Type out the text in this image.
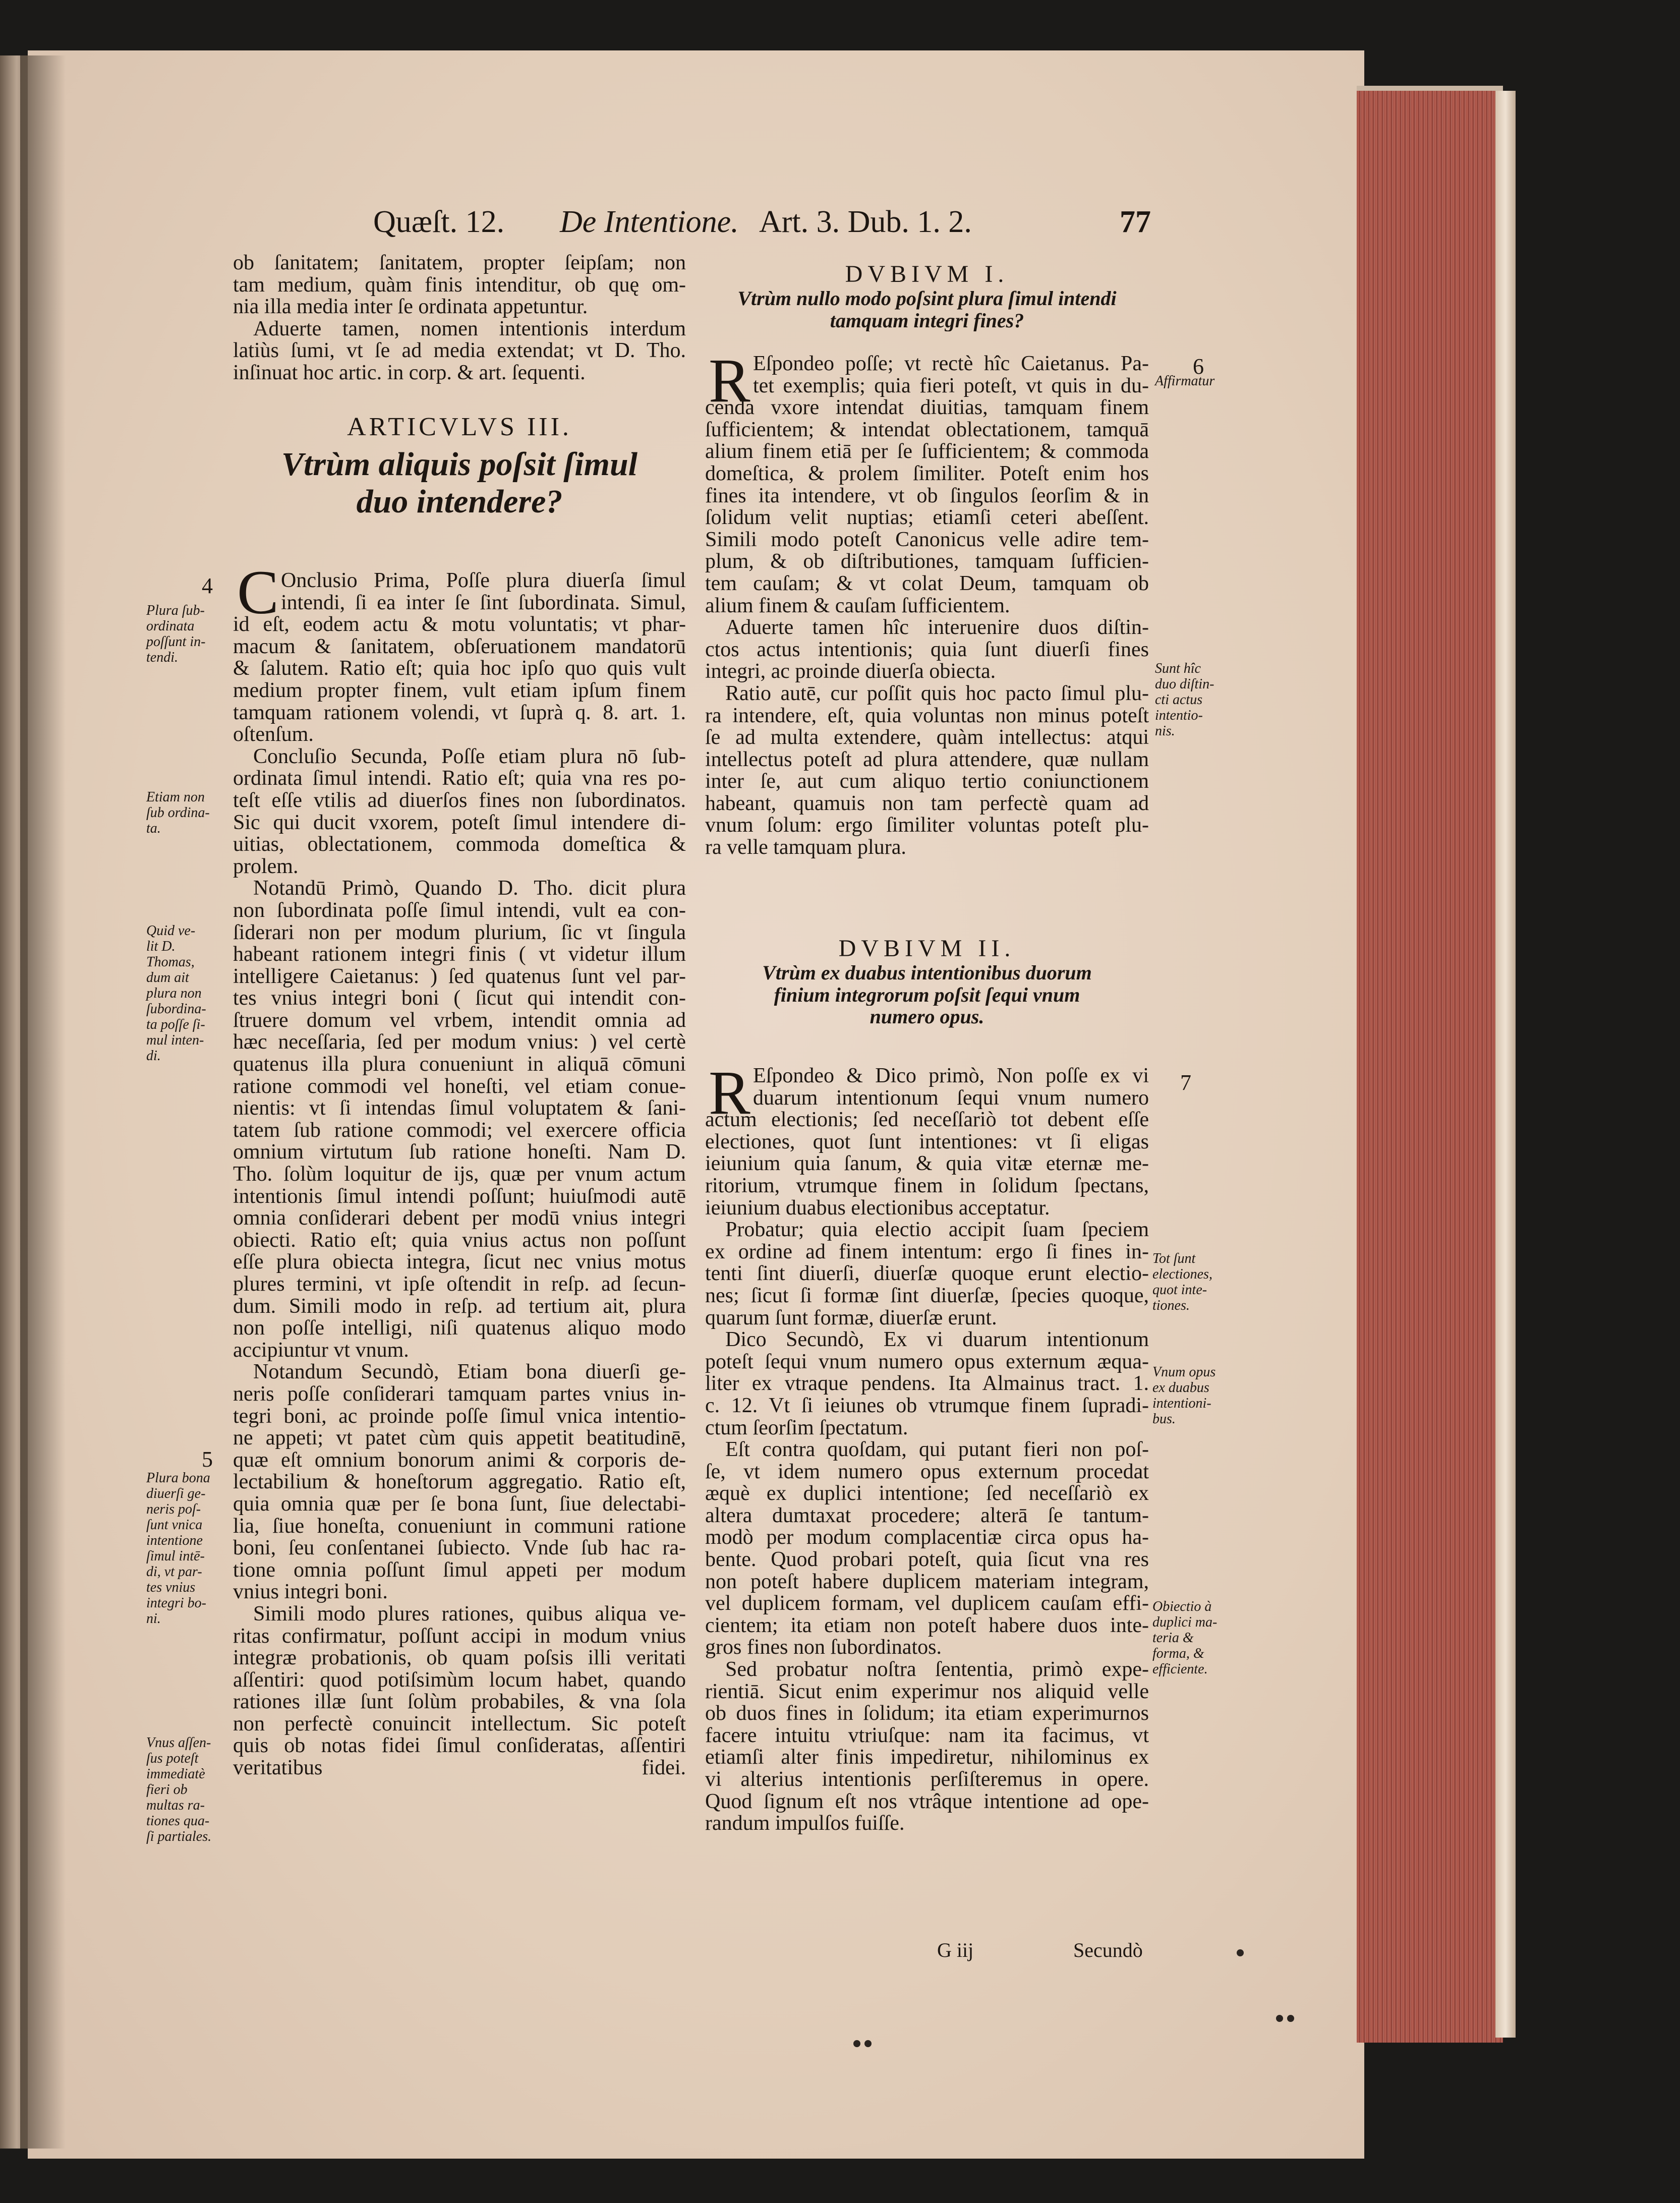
Quæſt. 12. De Intentione. Art. 3. Dub. 1. 2.	77
ob ſanitatem; ſanitatem, propter ſeipſam; non
tam medium, quàm finis intenditur, ob quę om-
nia illa media inter ſe ordinata appetuntur.
Aduerte tamen, nomen intentionis interdum
latiùs ſumi, vt ſe ad media extendat; vt D. Tho.
inſinuat hoc artic. in corp. & art. ſequenti.
ARTICVLVS III.
Vtrùm aliquis poſsit ſimul
duo intendere?
C Onclusio Prima, Poſſe plura diuerſa ſimul
intendi, ſi ea inter ſe ſint ſubordinata. Simul,
id eſt, eodem actu & motu voluntatis; vt phar-
macum & ſanitatem, obſeruationem mandatorū
& ſalutem. Ratio eſt; quia hoc ipſo quo quis vult
medium propter finem, vult etiam ipſum finem
tamquam rationem volendi, vt ſuprà q. 8. art. 1.
oſtenſum.
Concluſio Secunda, Poſſe etiam plura nō ſub-
ordinata ſimul intendi. Ratio eſt; quia vna res po-
teſt eſſe vtilis ad diuerſos fines non ſubordinatos.
Sic qui ducit vxorem, poteſt ſimul intendere di-
uitias, oblectationem, commoda domeſtica &
prolem.
Notandū Primò, Quando D. Tho. dicit plura
non ſubordinata poſſe ſimul intendi, vult ea con-
ſiderari non per modum plurium, ſic vt ſingula
habeant rationem integri finis ( vt videtur illum
intelligere Caietanus: ) ſed quatenus ſunt vel par-
tes vnius integri boni ( ſicut qui intendit con-
ſtruere domum vel vrbem, intendit omnia ad
hæc neceſſaria, ſed per modum vnius: ) vel certè
quatenus illa plura conueniunt in aliquā cōmuni
ratione commodi vel honeſti, vel etiam conue-
nientis: vt ſi intendas ſimul voluptatem & ſani-
tatem ſub ratione commodi; vel exercere officia
omnium virtutum ſub ratione honeſti. Nam D.
Tho. ſolùm loquitur de ijs, quæ per vnum actum
intentionis ſimul intendi poſſunt; huiuſmodi autē
omnia conſiderari debent per modū vnius integri
obiecti. Ratio eſt; quia vnius actus non poſſunt
eſſe plura obiecta integra, ſicut nec vnius motus
plures termini, vt ipſe oſtendit in reſp. ad ſecun-
dum. Simili modo in reſp. ad tertium ait, plura
non poſſe intelligi, niſi quatenus aliquo modo
accipiuntur vt vnum.
Notandum Secundò, Etiam bona diuerſi ge-
neris poſſe conſiderari tamquam partes vnius in-
tegri boni, ac proinde poſſe ſimul vnica intentio-
ne appeti; vt patet cùm quis appetit beatitudinē,
quæ eſt omnium bonorum animi & corporis de-
lectabilium & honeſtorum aggregatio. Ratio eſt,
quia omnia quæ per ſe bona ſunt, ſiue delectabi-
lia, ſiue honeſta, conueniunt in communi ratione
boni, ſeu conſentanei ſubiecto. Vnde ſub hac ra-
tione omnia poſſunt ſimul appeti per modum
vnius integri boni.
Simili modo plures rationes, quibus aliqua ve-
ritas confirmatur, poſſunt accipi in modum vnius
integræ probationis, ob quam poſsis illi veritati
aſſentiri: quod potiſsimùm locum habet, quando
rationes illæ ſunt ſolùm probabiles, & vna ſola
non perfectè conuincit intellectum. Sic poteſt
quis ob notas fidei ſimul conſideratas, aſſentiri
veritatibus fidei.
Plura ſub-
ordinata
poſſunt in-
tendi.
Etiam non
ſub ordina-
ta.
Quid ve-
lit D.
Thomas,
dum ait
plura non
ſubordina-
ta poſſe ſi-
mul inten-
di.
Plura bona
diuerſi ge-
neris poſ-
ſunt vnica
intentione
ſimul intē-
di, vt par-
tes vnius
integri bo-
ni.
Vnus aſſen-
ſus poteſt
immediatè
fieri ob
multas ra-
tiones qua-
ſi partiales.
4
5
DVBIVM I.
Vtrùm nullo modo poſsint plura ſimul intendi
tamquam integri fines?
R Eſpondeo poſſe; vt rectè hîc Caietanus. Pa-
tet exemplis; quia fieri poteſt, vt quis in du-
cenda vxore intendat diuitias, tamquam finem
ſufficientem; & intendat oblectationem, tamquā
alium finem etiā per ſe ſufficientem; & commoda
domeſtica, & prolem ſimiliter. Poteſt enim hos
fines ita intendere, vt ob ſingulos ſeorſim & in
ſolidum velit nuptias; etiamſi ceteri abeſſent.
Simili modo poteſt Canonicus velle adire tem-
plum, & ob diſtributiones, tamquam ſufficien-
tem cauſam; & vt colat Deum, tamquam ob
alium finem & cauſam ſufficientem.
Aduerte tamen hîc interuenire duos diſtin-
ctos actus intentionis; quia ſunt diuerſi fines
integri, ac proinde diuerſa obiecta.
Ratio autē, cur poſſit quis hoc pacto ſimul plu-
ra intendere, eſt, quia voluntas non minus poteſt
ſe ad multa extendere, quàm intellectus: atqui
intellectus poteſt ad plura attendere, quæ nullam
inter ſe, aut cum aliquo tertio coniunctionem
habeant, quamuis non tam perfectè quam ad
vnum ſolum: ergo ſimiliter voluntas poteſt plu-
ra velle tamquam plura.
DVBIVM II.
Vtrùm ex duabus intentionibus duorum
finium integrorum poſsit ſequi vnum
numero opus.
R Eſpondeo & Dico primò, Non poſſe ex vi
duarum intentionum ſequi vnum numero
actum electionis; ſed neceſſariò tot debent eſſe
electiones, quot ſunt intentiones: vt ſi eligas
ieiunium quia ſanum, & quia vitæ eternæ me-
ritorium, vtrumque finem in ſolidum ſpectans,
ieiunium duabus electionibus acceptatur.
Probatur; quia electio accipit ſuam ſpeciem
ex ordine ad finem intentum: ergo ſi fines in-
tenti ſint diuerſi, diuerſæ quoque erunt electio-
nes; ſicut ſi formæ ſint diuerſæ, ſpecies quoque,
quarum ſunt formæ, diuerſæ erunt.
Dico Secundò, Ex vi duarum intentionum
poteſt ſequi vnum numero opus externum æqua-
liter ex vtraque pendens. Ita Almainus tract. 1.
c. 12. Vt ſi ieiunes ob vtrumque finem ſupradi-
ctum ſeorſim ſpectatum.
Eſt contra quoſdam, qui putant fieri non poſ-
ſe, vt idem numero opus externum procedat
æquè ex duplici intentione; ſed neceſſariò ex
altera dumtaxat procedere; alterā ſe tantum-
modò per modum complacentiæ circa opus ha-
bente. Quod probari poteſt, quia ſicut vna res
non poteſt habere duplicem materiam integram,
vel duplicem formam, vel duplicem cauſam effi-
cientem; ita etiam non poteſt habere duos inte-
gros fines non ſubordinatos.
Sed probatur noſtra ſententia, primò expe-
rientiā. Sicut enim experimur nos aliquid velle
ob duos fines in ſolidum; ita etiam experimurnos
facere intuitu vtriuſque: nam ita facimus, vt
etiamſi alter finis impediretur, nihilominus ex
vi alterius intentionis perſiſteremus in opere.
Quod ſignum eſt nos vtrâque intentione ad ope-
randum impulſos fuiſſe.
Affirmatur
Sunt hîc
duo diſtin-
cti actus
intentio-
nis.
Tot ſunt
electiones,
quot inte-
tiones.
Vnum opus
ex duabus
intentioni-
bus.
Obiectio à
duplici ma-
teria &
forma, &
efficiente.
6
7
G iij	Secundò
